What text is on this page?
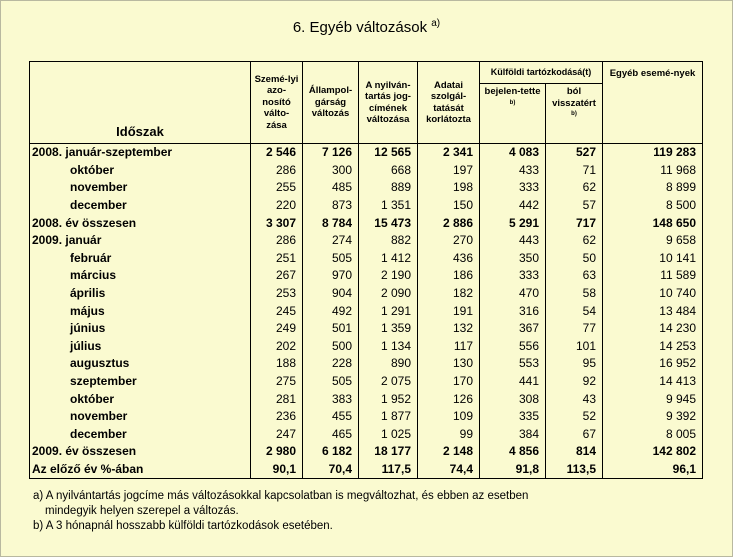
6. Egyéb változások $^{a)}$
Időszak	Szemé-lyi azo-nosító válto-zása	Állampol-gárság változás	A nyilván-tartás jog-címének változása	Adatai szolgál-tatását korlátozta	Külföldi tartózkodásá(t)		Egyéb esemé-nyek
					bejelen-tette $^{b)}$	ból visszatért
$^{b)}$
2008. január-szeptember	2 546	7 126	12 565	2 341	4 083	527	119 283
október	286	300	668	197	433	71	11 968
november	255	485	889	198	333	62	8 899
december	220	873	1 351	150	442	57	8 500
2008. év összesen	3 307	8 784	15 473	2 886	5 291	717	148 650
2009. január	286	274	882	270	443	62	9 658
február	251	505	1 412	436	350	50	10 141
március	267	970	2 190	186	333	63	11 589
április	253	904	2 090	182	470	58	10 740
május	245	492	1 291	191	316	54	13 484
június	249	501	1 359	132	367	77	14 230
július	202	500	1 134	117	556	101	14 253
augusztus	188	228	890	130	553	95	16 952
szeptember	275	505	2 075	170	441	92	14 413
október	281	383	1 952	126	308	43	9 945
november	236	455	1 877	109	335	52	9 392
december	247	465	1 025	99	384	67	8 005
2009. év összesen	2 980	6 182	18 177	2 148	4 856	814	142 802
Az előző év %-ában	90,1	70,4	117,5	74,4	91,8	113,5	96,1
a) A nyilvántartás jogcíme más változásokkal kapcsolatban is megváltozhat, és ebben az esetben
mindegyik helyen szerepel a változás.
b) A 3 hónapnál hosszabb külföldi tartózkodások esetében.
